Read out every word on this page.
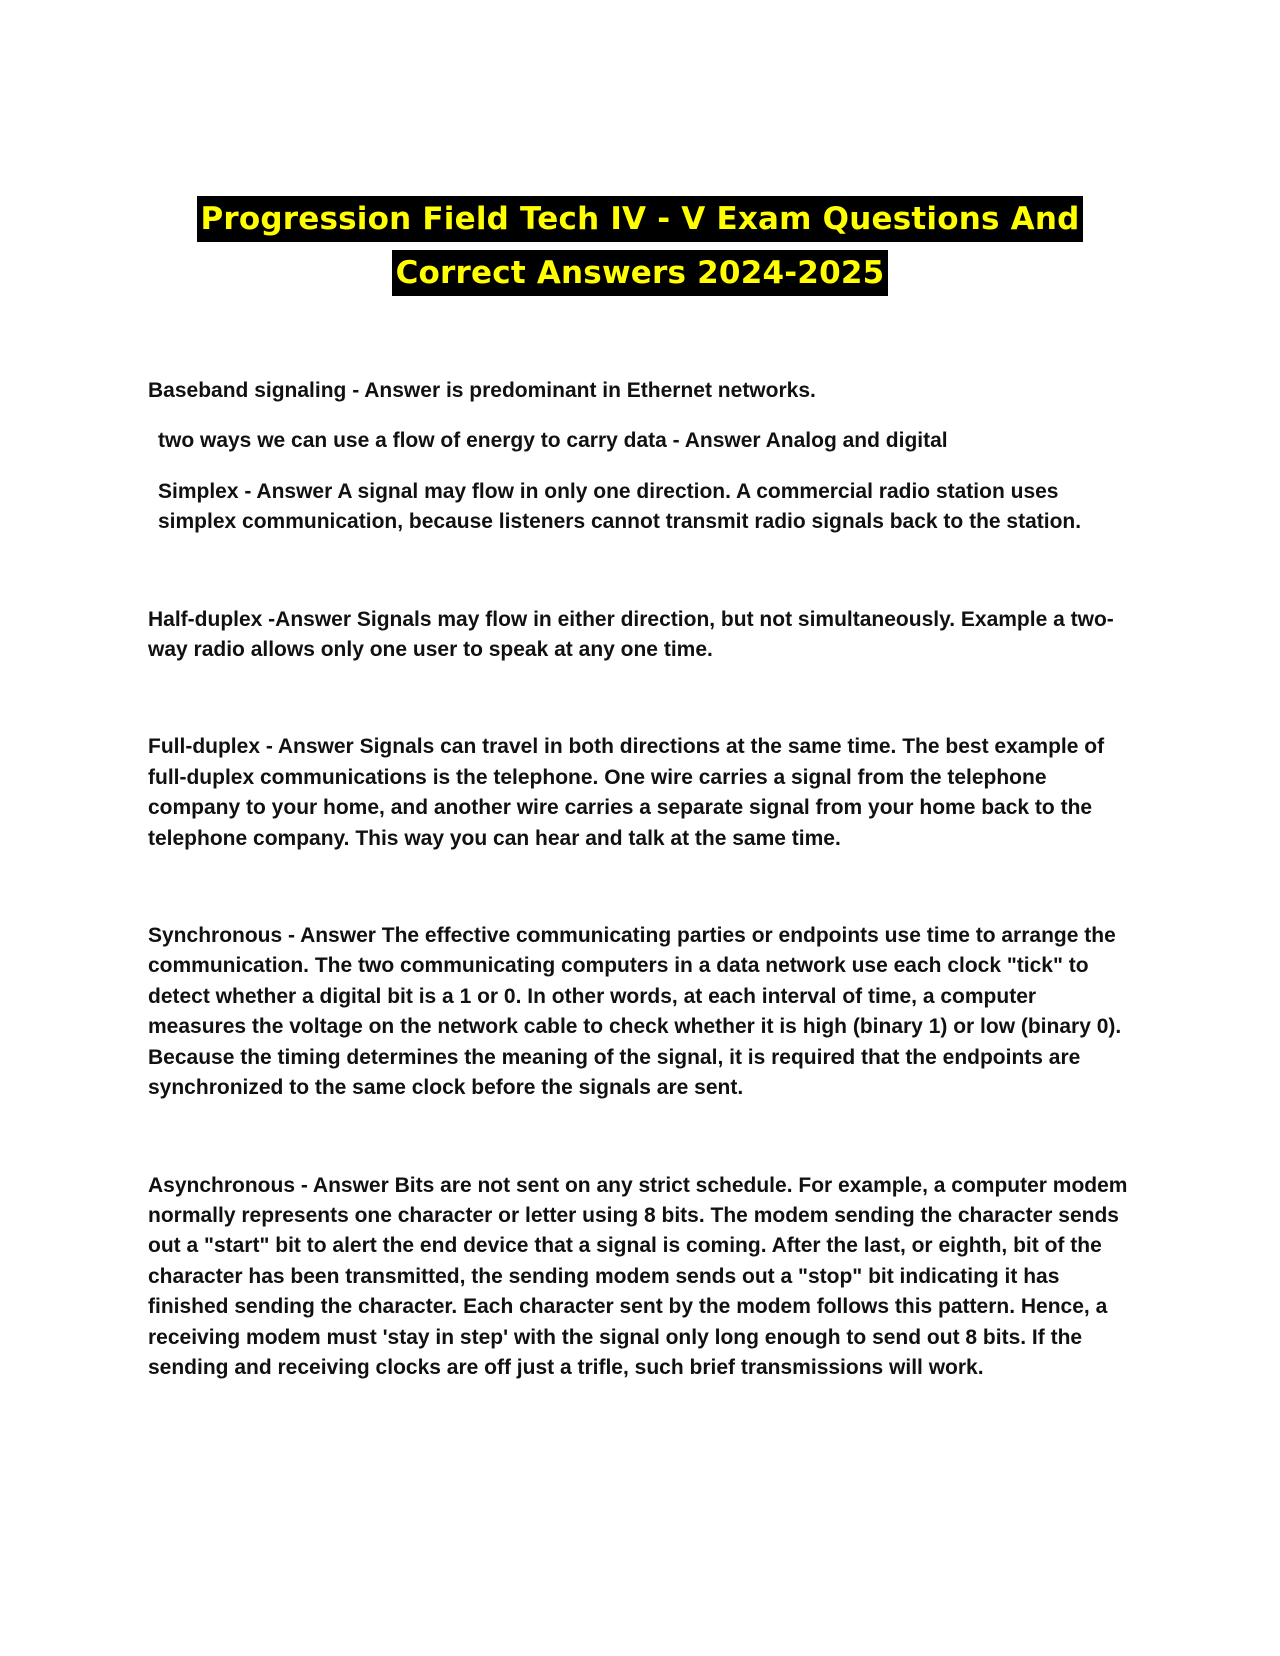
Progression Field Tech IV - V Exam Questions And
Correct Answers 2024-2025

Baseband signaling - Answer is predominant in Ethernet networks.

two ways we can use a flow of energy to carry data - Answer Analog and digital

Simplex - Answer A signal may flow in only one direction. A commercial radio station uses simplex communication, because listeners cannot transmit radio signals back to the station.

Half-duplex -Answer Signals may flow in either direction, but not simultaneously. Example a two-way radio allows only one user to speak at any one time.

Full-duplex - Answer Signals can travel in both directions at the same time. The best example of full-duplex communications is the telephone. One wire carries a signal from the telephone company to your home, and another wire carries a separate signal from your home back to the telephone company. This way you can hear and talk at the same time.

Synchronous - Answer The effective communicating parties or endpoints use time to arrange the communication. The two communicating computers in a data network use each clock "tick" to detect whether a digital bit is a 1 or 0. In other words, at each interval of time, a computer measures the voltage on the network cable to check whether it is high (binary 1) or low (binary 0). Because the timing determines the meaning of the signal, it is required that the endpoints are synchronized to the same clock before the signals are sent.

Asynchronous - Answer Bits are not sent on any strict schedule. For example, a computer modem normally represents one character or letter using 8 bits. The modem sending the character sends out a "start" bit to alert the end device that a signal is coming. After the last, or eighth, bit of the character has been transmitted, the sending modem sends out a "stop" bit indicating it has finished sending the character. Each character sent by the modem follows this pattern. Hence, a receiving modem must 'stay in step' with the signal only long enough to send out 8 bits. If the sending and receiving clocks are off just a trifle, such brief transmissions will work.
